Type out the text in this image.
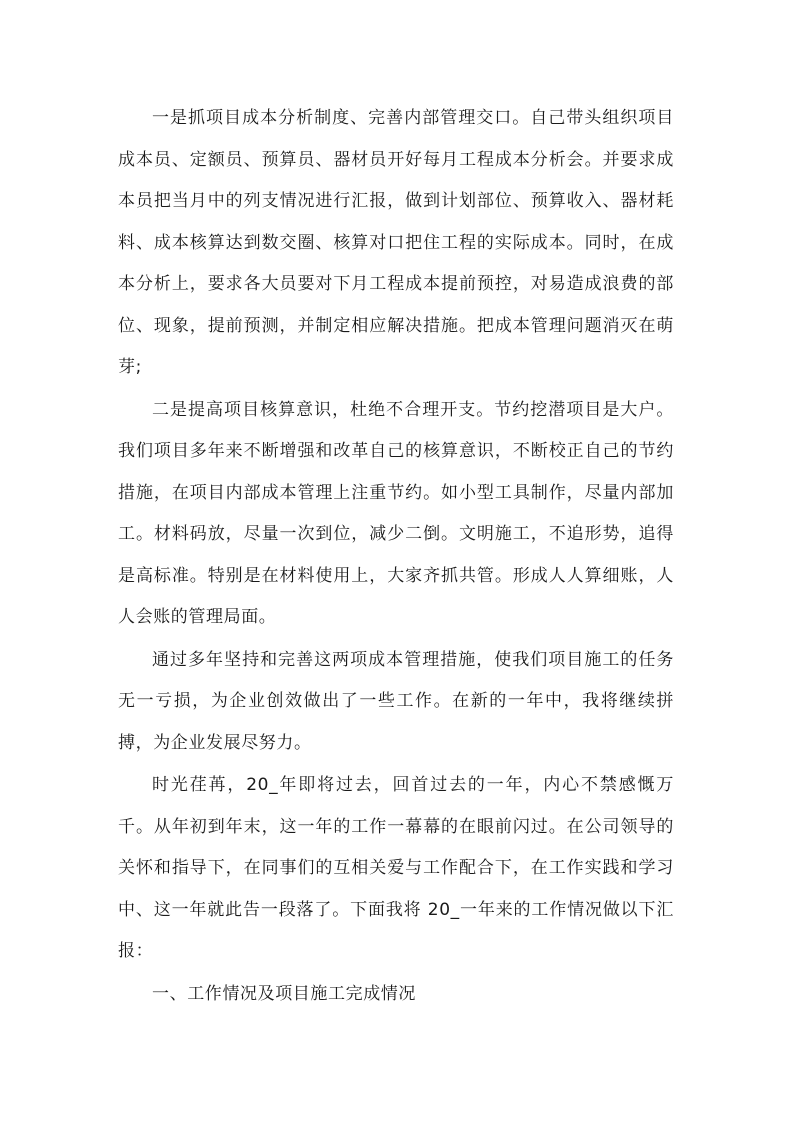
一是抓项目成本分析制度、完善内部管理交口。自己带头组织项目成本员、定额员、预算员、器材员开好每月工程成本分析会。并要求成本员把当月中的列支情况进行汇报，做到计划部位、预算收入、器材耗料、成本核算达到数交圈、核算对口把住工程的实际成本。同时，在成本分析上，要求各大员要对下月工程成本提前预控，对易造成浪费的部位、现象，提前预测，并制定相应解决措施。把成本管理问题消灭在萌芽;

二是提高项目核算意识，杜绝不合理开支。节约挖潜项目是大户。我们项目多年来不断增强和改革自己的核算意识，不断校正自己的节约措施，在项目内部成本管理上注重节约。如小型工具制作，尽量内部加工。材料码放，尽量一次到位，减少二倒。文明施工，不追形势，追得是高标准。特别是在材料使用上，大家齐抓共管。形成人人算细账，人人会账的管理局面。

通过多年坚持和完善这两项成本管理措施，使我们项目施工的任务无一亏损，为企业创效做出了一些工作。在新的一年中，我将继续拼搏，为企业发展尽努力。

时光荏苒，20_年即将过去，回首过去的一年，内心不禁感慨万千。从年初到年末，这一年的工作一幕幕的在眼前闪过。在公司领导的关怀和指导下，在同事们的互相关爱与工作配合下，在工作实践和学习中、这一年就此告一段落了。下面我将 20_一年来的工作情况做以下汇报：

一、工作情况及项目施工完成情况
